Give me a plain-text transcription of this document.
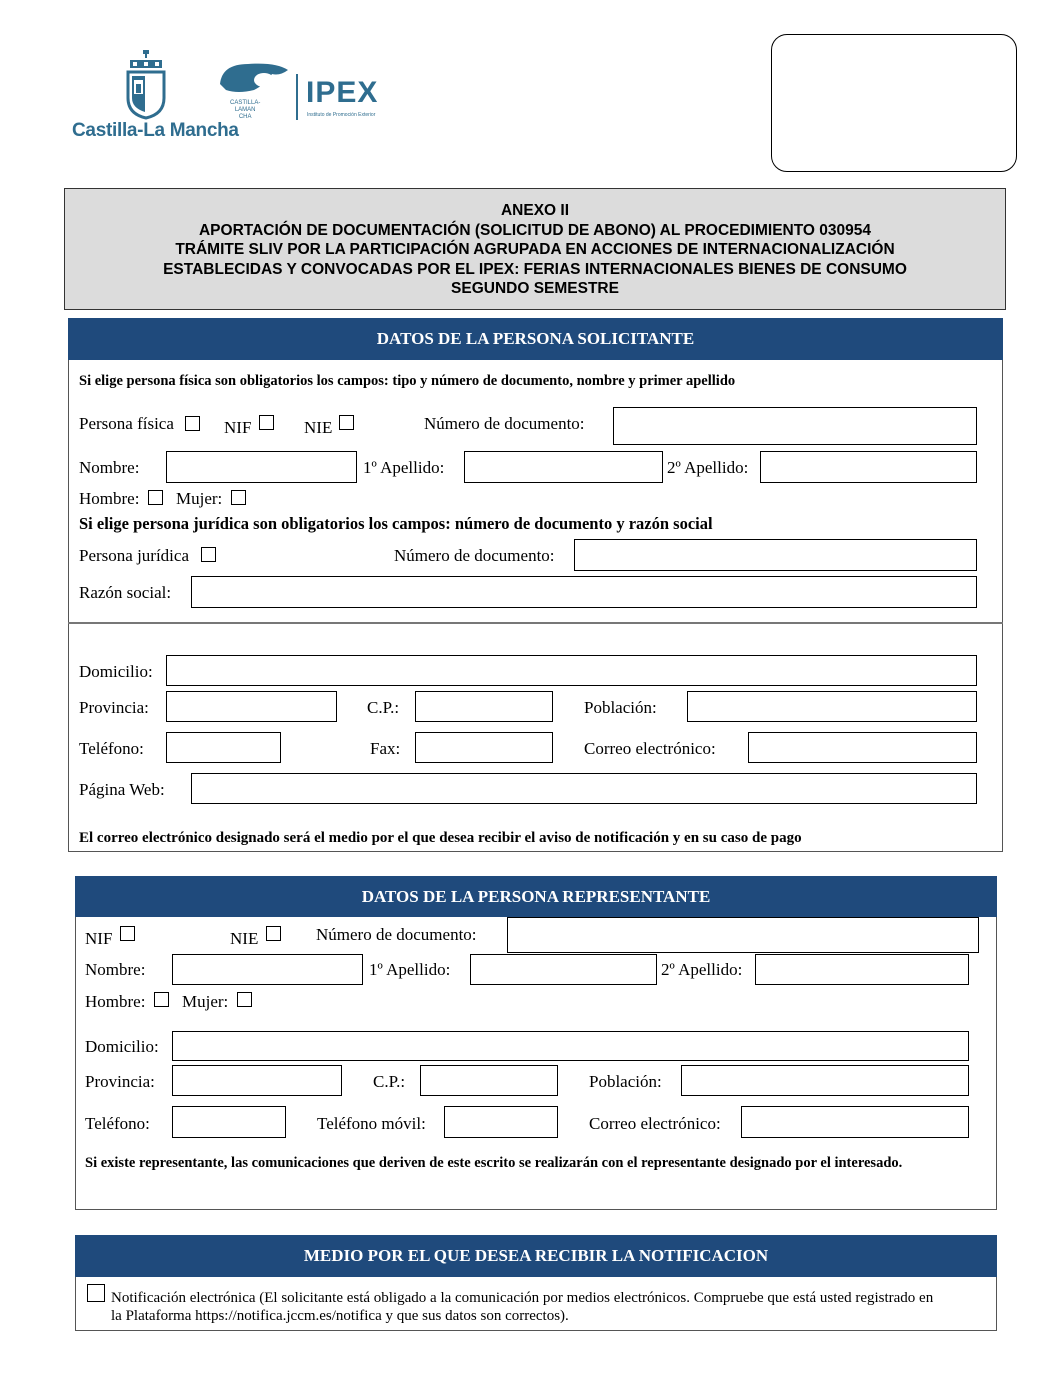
Castilla-La Mancha
CASTILLA-
LAMAN
CHA
IPEX
Instituto de Promoción Exterior
ANEXO II
APORTACIÓN DE DOCUMENTACIÓN (SOLICITUD DE ABONO) AL PROCEDIMIENTO 030954
TRÁMITE SLIV POR LA PARTICIPACIÓN AGRUPADA EN ACCIONES DE INTERNACIONALIZACIÓN
ESTABLECIDAS Y CONVOCADAS POR EL IPEX: FERIAS INTERNACIONALES BIENES DE CONSUMO
SEGUNDO SEMESTRE
DATOS DE LA PERSONA SOLICITANTE
Si elige persona física son obligatorios los campos: tipo y número de documento, nombre y primer apellido
Persona física	NIF	NIE	Número de documento:
Nombre:	1º Apellido:	2º Apellido:
Hombre: Mujer:
Si elige persona jurídica son obligatorios los campos: número de documento y razón social
Persona jurídica	Número de documento:
Razón social:
Domicilio:
Provincia:	C.P.:	Población:
Teléfono:	Fax:	Correo electrónico:
Página Web:
El correo electrónico designado será el medio por el que desea recibir el aviso de notificación y en su caso de pago
DATOS DE LA PERSONA REPRESENTANTE
NIF	NIE	Número de documento:
Nombre:	1º Apellido:	2º Apellido:
Hombre: Mujer:
Domicilio:
Provincia:	C.P.:	Población:
Teléfono:	Teléfono móvil:	Correo electrónico:
Si existe representante, las comunicaciones que deriven de este escrito se realizarán con el representante designado por el interesado.
MEDIO POR EL QUE DESEA RECIBIR LA NOTIFICACION
Notificación electrónica (El solicitante está obligado a la comunicación por medios electrónicos. Compruebe que está usted registrado en
la Plataforma https://notifica.jccm.es/notifica y que sus datos son correctos).
